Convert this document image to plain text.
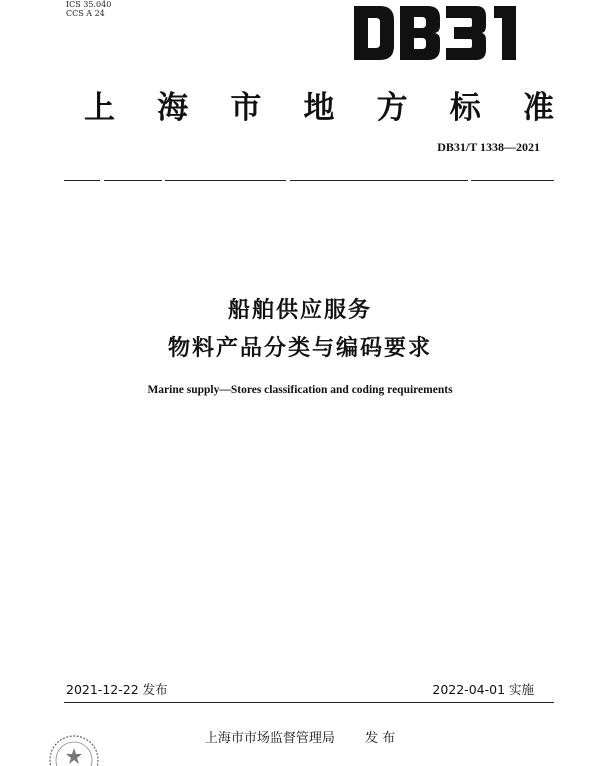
ICS 35.040
CCS A 24
上 海 市 地 方 标 准
DB31/T 1338—2021
船舶供应服务
物料产品分类与编码要求
Marine supply—Stores classification and coding requirements
2021-12-22 发布	2022-04-01 实施
上海市市场监督管理局 发 布
